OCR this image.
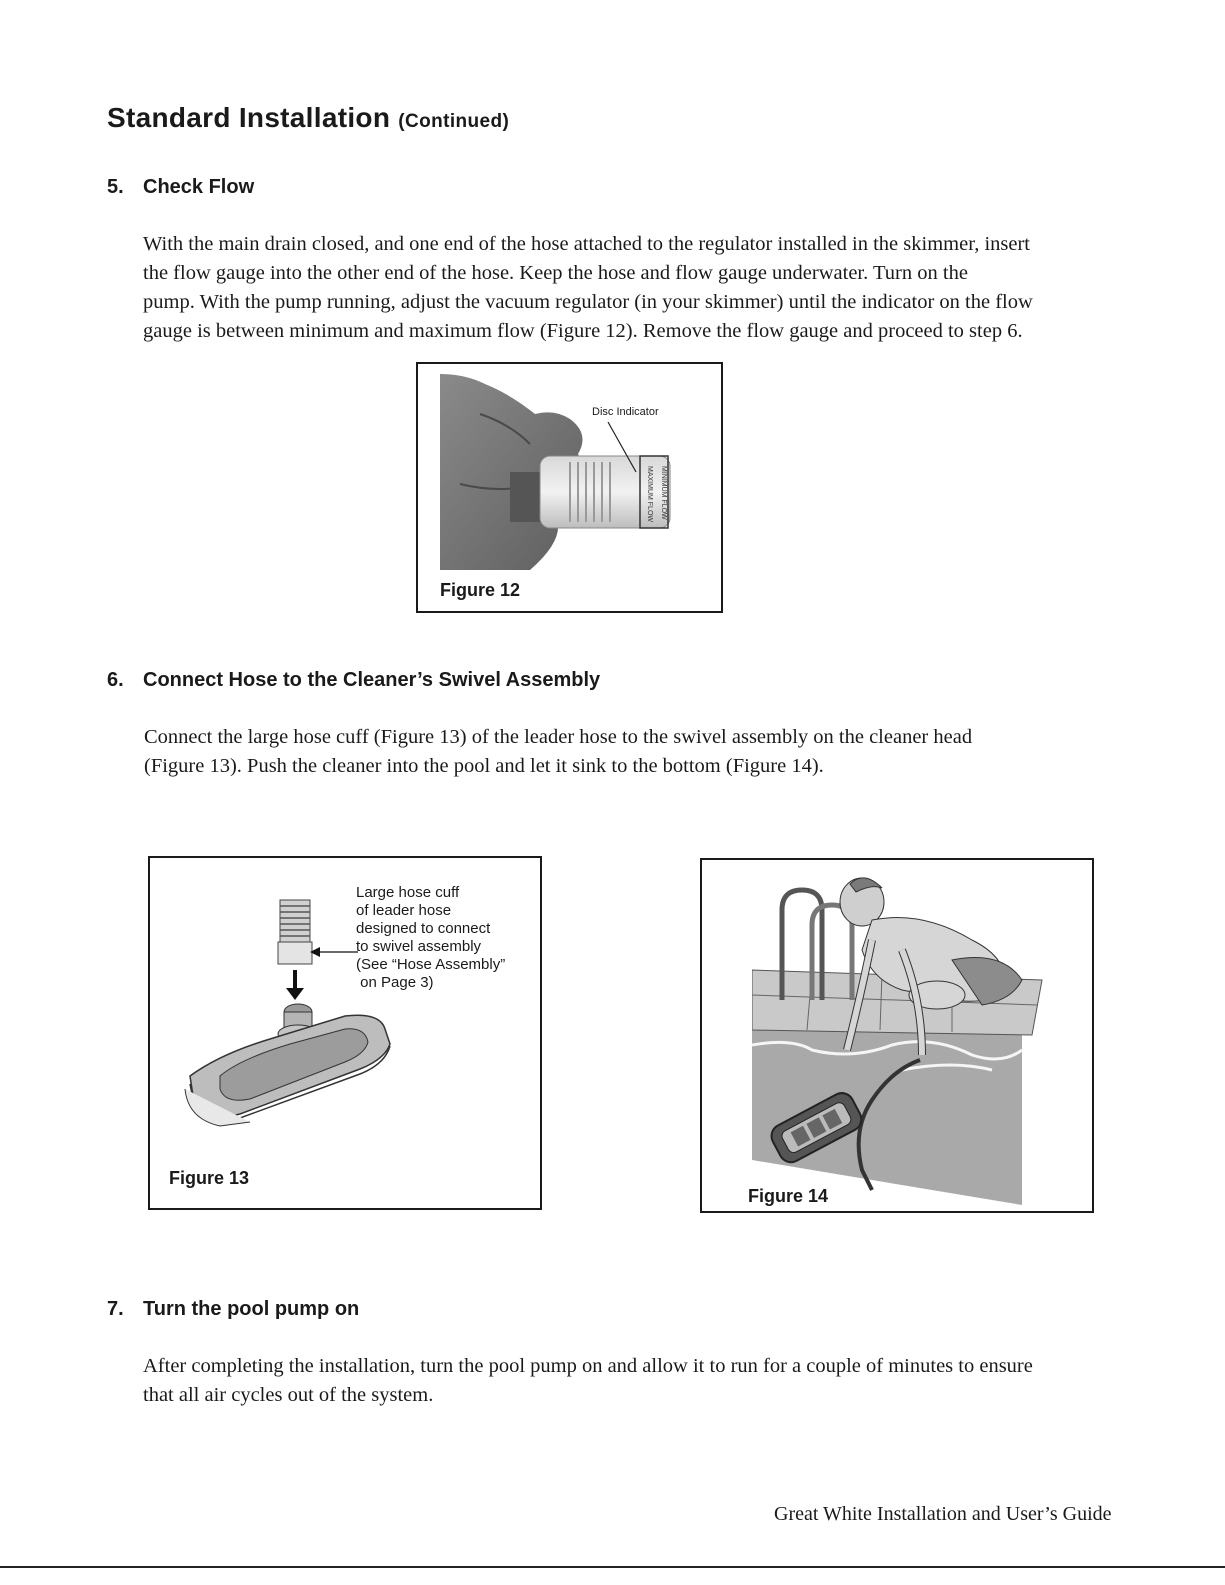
Standard Installation (Continued)
5. Check Flow

With the main drain closed, and one end of the hose attached to the regulator installed in the skimmer, insert

the flow gauge into the other end of the hose. Keep the hose and flow gauge underwater. Turn on the

pump. With the pump running, adjust the vacuum regulator (in your skimmer) until the indicator on the flow

gauge is between minimum and maximum flow (Figure 12). Remove the flow gauge and proceed to step 6.

MINIMUM FLOW
MAXIMUM FLOW
Disc Indicator
Figure 12
6. Connect Hose to the Cleaner’s Swivel Assembly

Connect the large hose cuff (Figure 13) of the leader hose to the swivel assembly on the cleaner head

(Figure 13). Push the cleaner into the pool and let it sink to the bottom (Figure 14).

Large hose cuff
of leader hose
designed to connect
to swivel assembly
(See “Hose Assembly”
on Page 3)
Figure 13
Figure 14
7. Turn the pool pump on

After completing the installation, turn the pool pump on and allow it to run for a couple of minutes to ensure

that all air cycles out of the system.

Great White Installation and User’s Guide
